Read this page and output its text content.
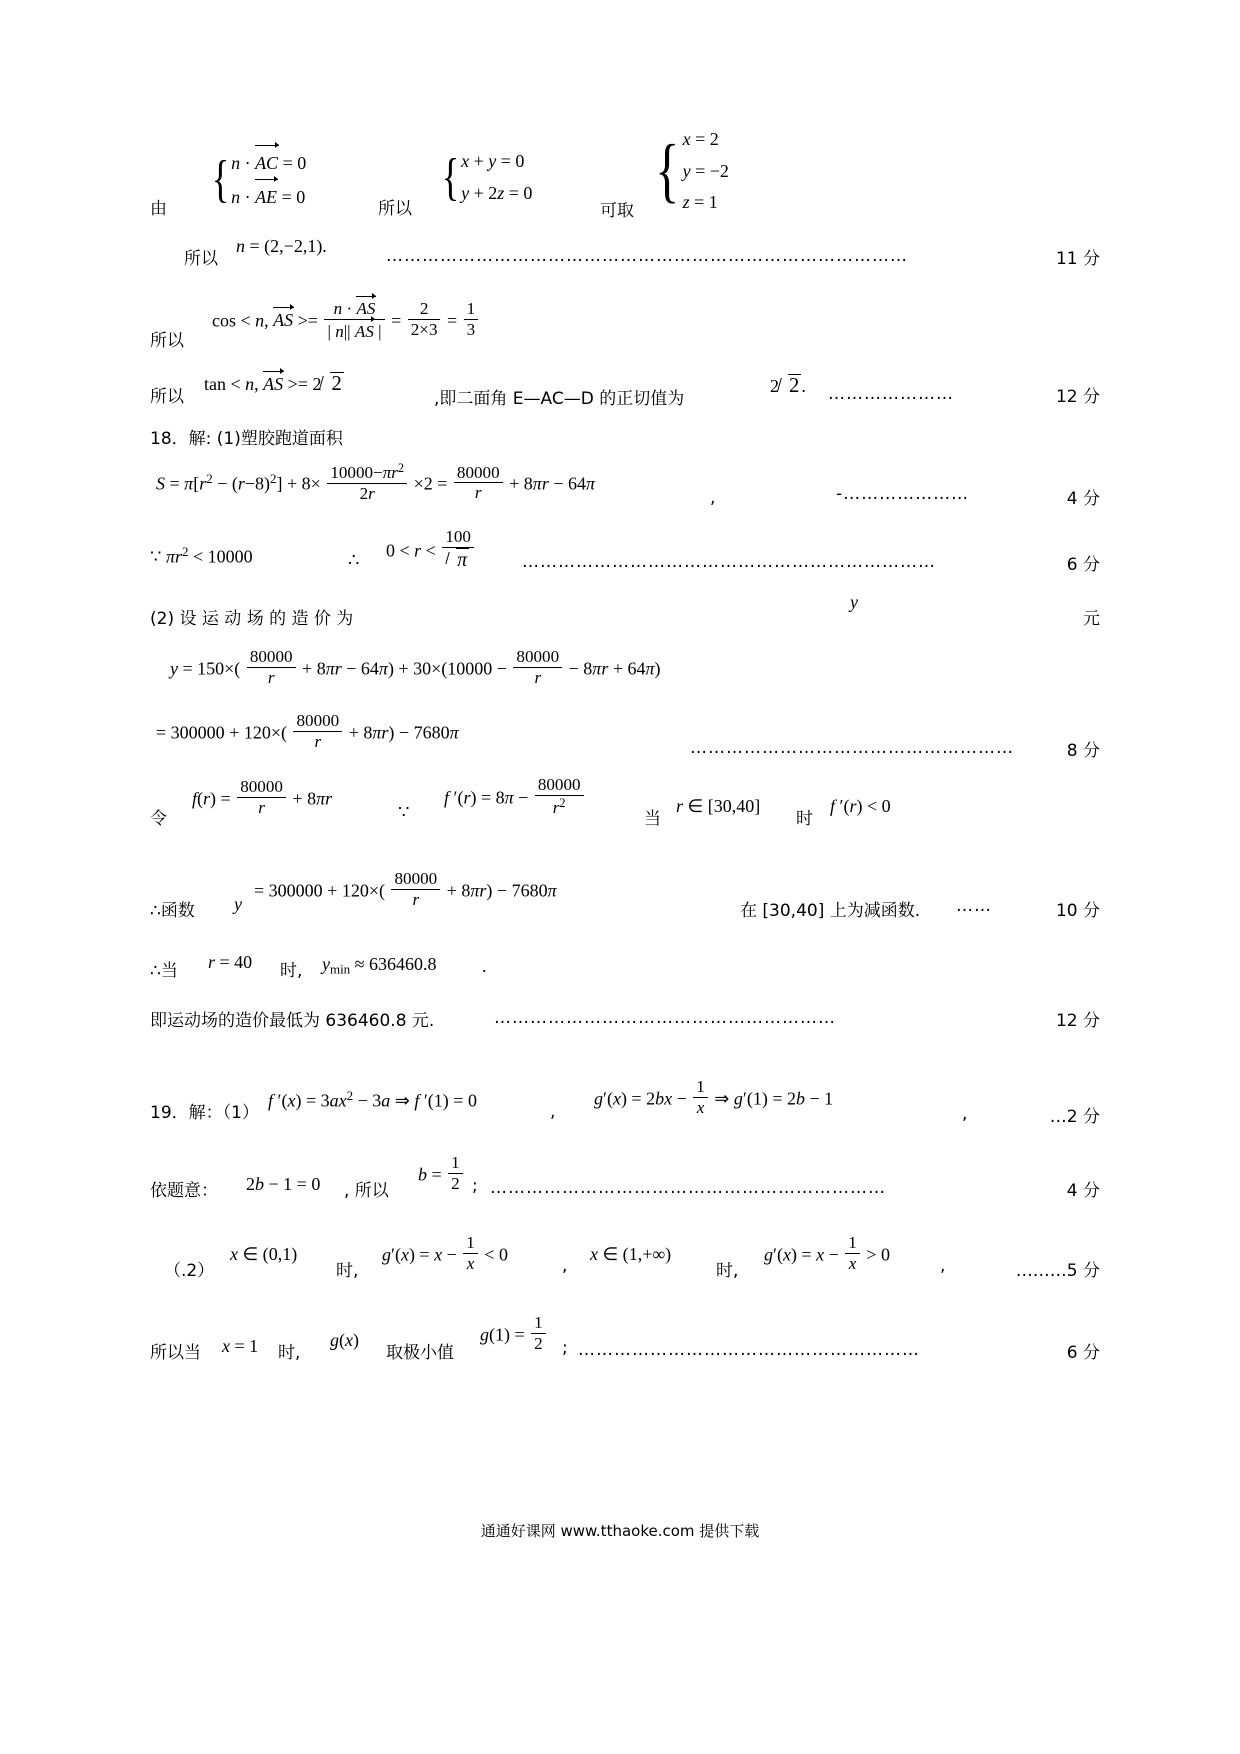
由
{ n · AC = 0
n · AE = 0
所以
{ x + y = 0
y + 2z = 0
可取
{ x = 2
y = −2
z = 1
所以
n = (2,−2,1).	……………………………………………………………………………	11 分
所以
cos < n, AS >= $\frac{n \cdot AS}{| n|| AS |} = \frac{2}{2\times 3} = \frac{1}{3}$
所以
tan < n, AS >= 2 2
,即二面角 E—AC—D 的正切值为
2 2 . …………………	12 分
18．解: (1)塑胶跑道面积
$S = \pi[r^2 - (r-8)^2] + 8\times \frac{10000-\pi r^2}{2r} \times 2 = \frac{80000}{r} + 8\pi r - 64\pi$
,	-…………………	4 分
∵ $\pi r^2 < 10000$	∴ $0 < r < \frac{100}{\pi}$	……………………………………………………………	6 分
(2) 设 运 动 场 的 造 价 为
y
元
$y = 150\times( \frac{80000}{r} + 8\pi r - 64\pi) + 30\times(10000 - \frac{80000}{r} - 8\pi r + 64\pi)$
= $300000 + 120\times( \frac{80000}{r} + 8\pi r) - 7680\pi$
………………………………………………	8 分
令
$f(r) = \frac{80000}{r} + 8\pi r$
∵
f $'(r) = 8\pi - \frac{80000}{r^2}$
当
r ∈ [30,40]
时
f ′(r) < 0
∴函数 y
= $300000 + 120\times( \frac{80000}{r} + 8\pi r) - 7680\pi$
在 [30,40] 上为减函数. ……	10 分
∴当 r = 40 时, $y_{min} \approx 636460.8$	.
即运动场的造价最低为 636460.8 元.	…………………………………………………	12 分
19．解：（1）
f $'(x) = 3ax^2 - 3a$ ⇒ f ′(1) = 0
,
$g'(x) = 2bx - \frac{1}{x}$ ⇒ g′(1) = 2b − 1
,	…2 分
依题意： 2b − 1 = 0 , 所以
$b = \frac{1}{2}$ ; …………………………………………………………	4 分
（.2）
x ∈ (0,1)
时,
$g'(x) = x - \frac{1}{x} < 0$
,
x ∈ (1,+∞)
时,
$g'(x) = x - \frac{1}{x} > 0$
,	………5 分
所以当 x = 1 时,
g(x)
取极小值
$g(1) = \frac{1}{2}$ ; …………………………………………………	6 分
通通好课网 www.tthaoke.com 提供下载
